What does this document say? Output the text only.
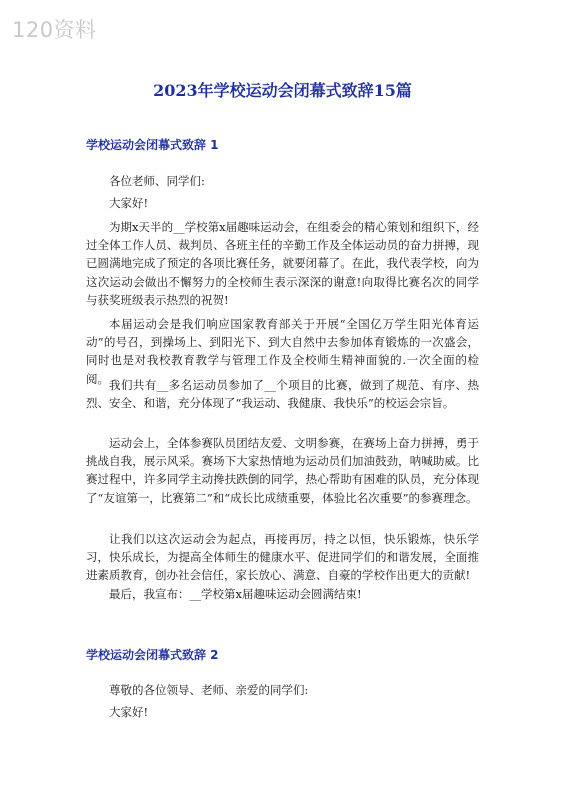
120资料
2023年学校运动会闭幕式致辞15篇
学校运动会闭幕式致辞 1

各位老师、同学们:

大家好!

为期x天半的__学校第x届趣味运动会，在组委会的精心策划和组织下，经过全体工作人员、裁判员、各班主任的辛勤工作及全体运动员的奋力拼搏，现已圆满地完成了预定的各项比赛任务，就要闭幕了。在此，我代表学校，向为这次运动会做出不懈努力的全校师生表示深深的谢意!向取得比赛名次的同学与获奖班级表示热烈的祝贺!

本届运动会是我们响应国家教育部关于开展“全国亿万学生阳光体育运动”的号召，到操场上、到阳光下、到大自然中去参加体育锻炼的一次盛会，同时也是对我校教育教学与管理工作及全校师生精神面貌的.一次全面的检阅。 我们共有__多名运动员参加了__个项目的比赛，做到了规范、有序、热烈、安全、和谐，充分体现了“我运动、我健康、我快乐”的校运会宗旨。

运动会上，全体参赛队员团结友爱、文明参赛，在赛场上奋力拼搏，勇于挑战自我，展示风采。赛场下大家热情地为运动员们加油鼓劲，呐喊助威。比赛过程中，许多同学主动搀扶跌倒的同学，热心帮助有困难的队员，充分体现了“友谊第一，比赛第二”和“成长比成绩重要，体验比名次重要”的参赛理念。

让我们以这次运动会为起点，再接再厉，持之以恒，快乐锻炼，快乐学习，快乐成长，为提高全体师生的健康水平、促进同学们的和谐发展，全面推进素质教育，创办社会信任，家长放心、满意、自豪的学校作出更大的贡献!

最后，我宣布：__学校第x届趣味运动会圆满结束!

学校运动会闭幕式致辞 2

尊敬的各位领导、老师、亲爱的同学们:

大家好!
